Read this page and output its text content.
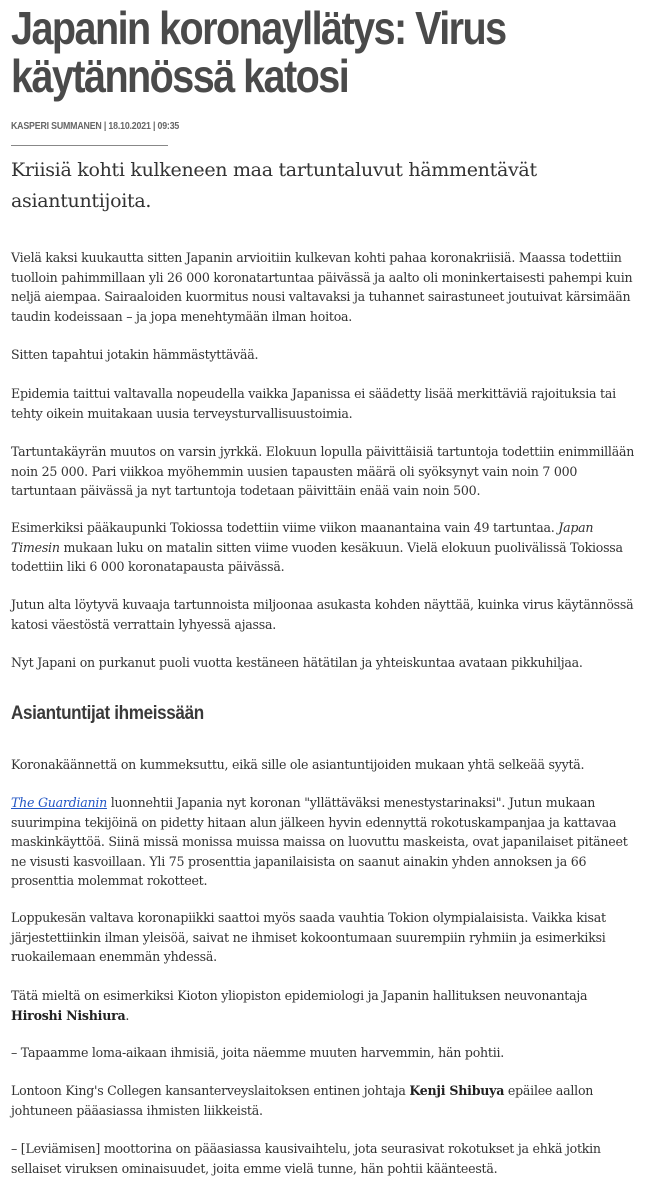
Japanin koronayllätys: Virus käytännössä katosi
KASPERI SUMMANEN | 18.10.2021 | 09:35
Kriisiä kohti kulkeneen maa tartuntaluvut hämmentävät asiantuntijoita.

Vielä kaksi kuukautta sitten Japanin arvioitiin kulkevan kohti pahaa koronakriisiä. Maassa todettiin tuolloin pahimmillaan yli 26 000 koronatartuntaa päivässä ja aalto oli moninkertaisesti pahempi kuin neljä aiempaa. Sairaaloiden kuormitus nousi valtavaksi ja tuhannet sairastuneet joutuivat kärsimään taudin kodeissaan – ja jopa menehtymään ilman hoitoa.

Sitten tapahtui jotakin hämmästyttävää.

Epidemia taittui valtavalla nopeudella vaikka Japanissa ei säädetty lisää merkittäviä rajoituksia tai tehty oikein muitakaan uusia terveysturvallisuustoimia.

Tartuntakäyrän muutos on varsin jyrkkä. Elokuun lopulla päivittäisiä tartuntoja todettiin enimmillään noin 25 000. Pari viikkoa myöhemmin uusien tapausten määrä oli syöksynyt vain noin 7 000 tartuntaan päivässä ja nyt tartuntoja todetaan päivittäin enää vain noin 500.

Esimerkiksi pääkaupunki Tokiossa todettiin viime viikon maanantaina vain 49 tartuntaa. Japan Timesin mukaan luku on matalin sitten viime vuoden kesäkuun. Vielä elokuun puolivälissä Tokiossa todettiin liki 6 000 koronatapausta päivässä.

Jutun alta löytyvä kuvaaja tartunnoista miljoonaa asukasta kohden näyttää, kuinka virus käytännössä katosi väestöstä verrattain lyhyessä ajassa.

Nyt Japani on purkanut puoli vuotta kestäneen hätätilan ja yhteiskuntaa avataan pikkuhiljaa.

Asiantuntijat ihmeissään

Koronakäännettä on kummeksuttu, eikä sille ole asiantuntijoiden mukaan yhtä selkeää syytä.

The Guardianin luonnehtii Japania nyt koronan "yllättäväksi menestystarinaksi". Jutun mukaan suurimpina tekijöinä on pidetty hitaan alun jälkeen hyvin edennyttä rokotuskampanjaa ja kattavaa maskinkäyttöä. Siinä missä monissa muissa maissa on luovuttu maskeista, ovat japanilaiset pitäneet ne visusti kasvoillaan. Yli 75 prosenttia japanilaisista on saanut ainakin yhden annoksen ja 66 prosenttia molemmat rokotteet.

Loppukesän valtava koronapiikki saattoi myös saada vauhtia Tokion olympialaisista. Vaikka kisat järjestettiinkin ilman yleisöä, saivat ne ihmiset kokoontumaan suurempiin ryhmiin ja esimerkiksi ruokailemaan enemmän yhdessä.

Tätä mieltä on esimerkiksi Kioton yliopiston epidemiologi ja Japanin hallituksen neuvonantaja Hiroshi Nishiura.

– Tapaamme loma-aikaan ihmisiä, joita näemme muuten harvemmin, hän pohtii.

Lontoon King's Collegen kansanterveyslaitoksen entinen johtaja Kenji Shibuya epäilee aallon johtuneen pääasiassa ihmisten liikkeistä.

– [Leviämisen] moottorina on pääasiassa kausivaihtelu, jota seurasivat rokotukset ja ehkä jotkin sellaiset viruksen ominaisuudet, joita emme vielä tunne, hän pohtii käänteestä.
